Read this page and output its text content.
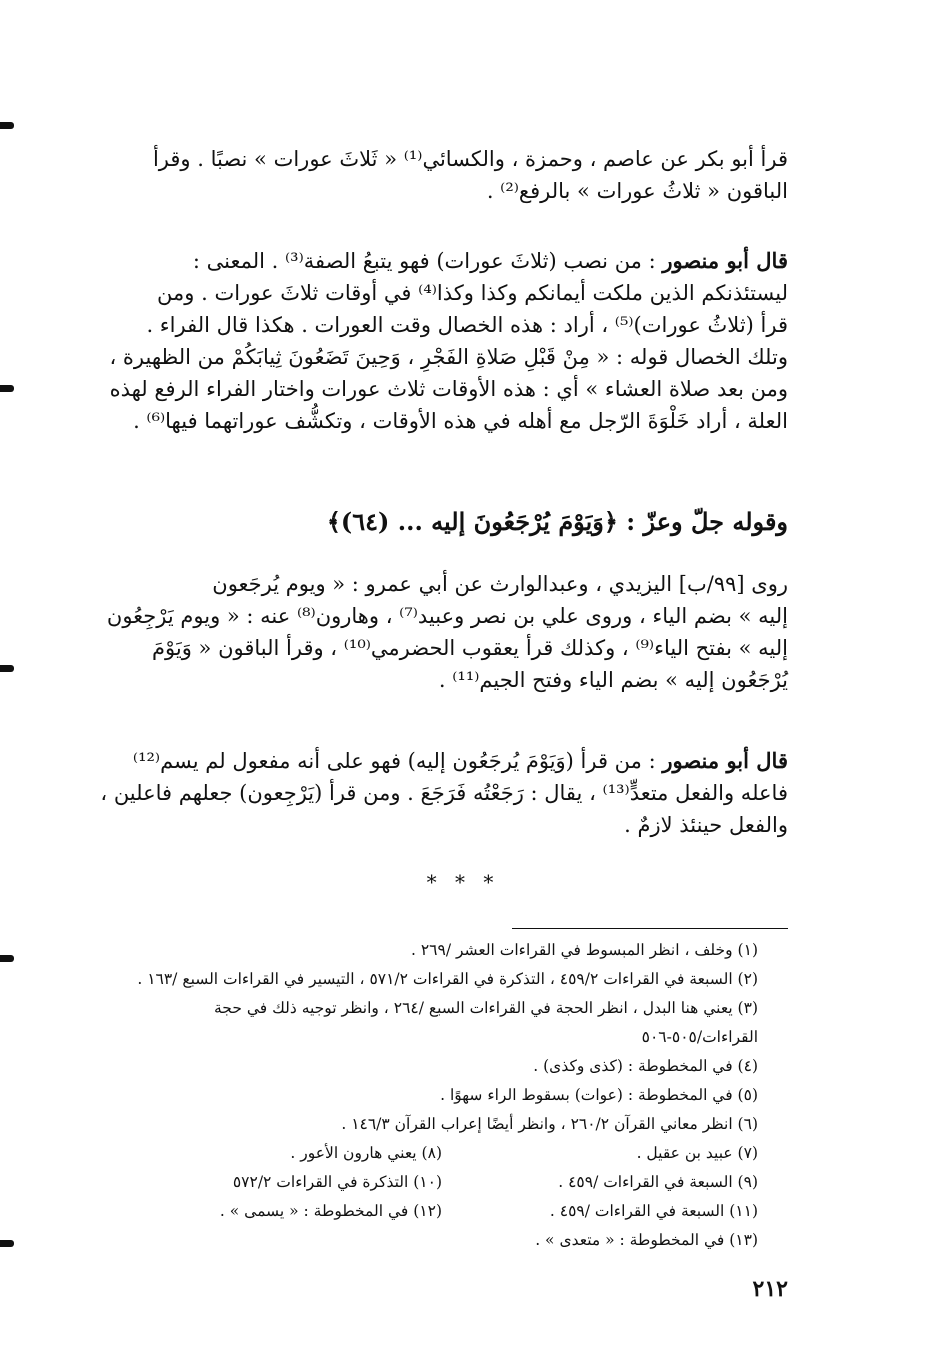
قرأ أبو بكر عن عاصم ، وحمزة ، والكسائي⁽¹⁾ « ثَلاثَ عورات » نصبًا . وقرأ
الباقون « ثلاثُ عورات » بالرفع⁽²⁾ .
قال أبو منصور : من نصب (ثلاثَ عورات) فهو يتبعُ الصفة⁽³⁾ . المعنى :
ليستئذنكم الذين ملكت أيمانكم وكذا وكذا⁽⁴⁾ في أوقات ثلاثَ عورات . ومن
قرأ (ثلاثُ عورات)⁽⁵⁾ ، أراد : هذه الخصال وقت العورات . هكذا قال الفراء .
وتلك الخصال قوله : « مِنْ قَبْلِ صَلاةِ الفَجْرِ ، وَحِينَ تَضَعُونَ ثِيابَكُمْ من الظهيرة ،
ومن بعد صلاة العشاء » أي : هذه الأوقات ثلاث عورات واختار الفراء الرفع لهذه
العلة ، أراد خَلْوَةَ الرّجل مع أهله في هذه الأوقات ، وتكشُّف عوراتهما فيها⁽⁶⁾ .
وقوله جلّ وعزّ : ﴿وَيَوْمَ يُرْجَعُونَ إليه ... (٦٤)﴾
روى [٩٩/ب] اليزيدي ، وعبدالوارث عن أبي عمرو : « ويوم يُرجَعون
إليه » بضم الياء ، وروى علي بن نصر وعبيد⁽⁷⁾ ، وهارون⁽⁸⁾ عنه : « ويوم يَرْجِعُون
إليه » بفتح الياء⁽⁹⁾ ، وكذلك قرأ يعقوب الحضرمي⁽¹⁰⁾ ، وقرأ الباقون « وَيَوْمَ
يُرْجَعُون إليه » بضم الياء وفتح الجيم⁽¹¹⁾ .
قال أبو منصور : من قرأ (وَيَوْمَ يُرجَعُون إليه) فهو على أنه مفعول لم يسم⁽¹²⁾
فاعله والفعل متعدٍّ⁽¹³⁾ ، يقال : رَجَعْتُه فَرَجَعَ . ومن قرأ (يَرْجِعون) جعلهم فاعلين ،
والفعل حينئذ لازمٌ .
* * *
(١) وخلف ، انظر المبسوط في القراءات العشر /٢٦٩ .
(٢) السبعة في القراءات ٤٥٩/٢ ، التذكرة في القراءات ٥٧١/٢ ، التيسير في القراءات السبع /١٦٣ .
(٣) يعني هنا البدل ، انظر الحجة في القراءات السبع /٢٦٤ ، وانظر توجيه ذلك في حجة
القراءات/٥٠٥-٥٠٦
(٤) في المخطوطة : (كذى وكذى) .
(٥) في المخطوطة : (عوات) بسقوط الراء سهوًا .
(٦) انظر معاني القرآن ٢٦٠/٢ ، وانظر أيضًا إعراب القرآن ١٤٦/٣ .
(٧) عبيد بن عقيل .
(٨) يعني هارون الأعور .
(٩) السبعة في القراءات /٤٥٩ .
(١٠) التذكرة في القراءات ٥٧٢/٢
(١١) السبعة في القراءات /٤٥٩ .
(١٢) في المخطوطة : « يسمى » .
(١٣) في المخطوطة : « متعدى » .
٢١٢
